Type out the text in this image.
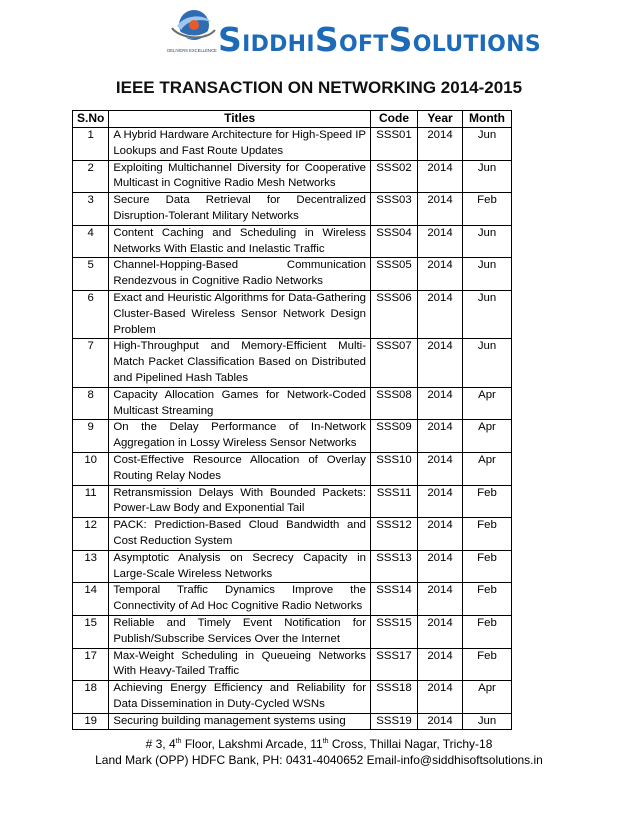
DELIVERS EXCELLENCE SIDDHISOFTSOLUTIONS
IEEE TRANSACTION ON NETWORKING 2014-2015
S.No	Titles	Code	Year	Month
1	A Hybrid Hardware Architecture for High-Speed IP Lookups and Fast Route Updates	SSS01	2014	Jun
2	Exploiting Multichannel Diversity for Cooperative Multicast in Cognitive Radio Mesh Networks	SSS02	2014	Jun
3	Secure Data Retrieval for Decentralized Disruption-Tolerant Military Networks	SSS03	2014	Feb
4	Content Caching and Scheduling in Wireless Networks With Elastic and Inelastic Traffic	SSS04	2014	Jun
5	Channel-Hopping-Based Communication Rendezvous in Cognitive Radio Networks	SSS05	2014	Jun
6	Exact and Heuristic Algorithms for Data-Gathering Cluster-Based Wireless Sensor Network Design Problem	SSS06	2014	Jun
7	High-Throughput and Memory-Efficient Multi-Match Packet Classification Based on Distributed and Pipelined Hash Tables	SSS07	2014	Jun
8	Capacity Allocation Games for Network-Coded Multicast Streaming	SSS08	2014	Apr
9	On the Delay Performance of In-Network Aggregation in Lossy Wireless Sensor Networks	SSS09	2014	Apr
10	Cost-Effective Resource Allocation of Overlay Routing Relay Nodes	SSS10	2014	Apr
11	Retransmission Delays With Bounded Packets: Power-Law Body and Exponential Tail	SSS11	2014	Feb
12	PACK: Prediction-Based Cloud Bandwidth and Cost Reduction System	SSS12	2014	Feb
13	Asymptotic Analysis on Secrecy Capacity in Large-Scale Wireless Networks	SSS13	2014	Feb
14	Temporal Traffic Dynamics Improve the Connectivity of Ad Hoc Cognitive Radio Networks	SSS14	2014	Feb
15	Reliable and Timely Event Notification for Publish/Subscribe Services Over the Internet	SSS15	2014	Feb
17	Max-Weight Scheduling in Queueing Networks With Heavy-Tailed Traffic	SSS17	2014	Feb
18	Achieving Energy Efficiency and Reliability for Data Dissemination in Duty-Cycled WSNs	SSS18	2014	Apr
19	Securing building management systems using	SSS19	2014	Jun
# 3, 4th Floor, Lakshmi Arcade, 11th Cross, Thillai Nagar, Trichy-18
Land Mark (OPP) HDFC Bank, PH: 0431-4040652 Email-info@siddhisoftsolutions.in
